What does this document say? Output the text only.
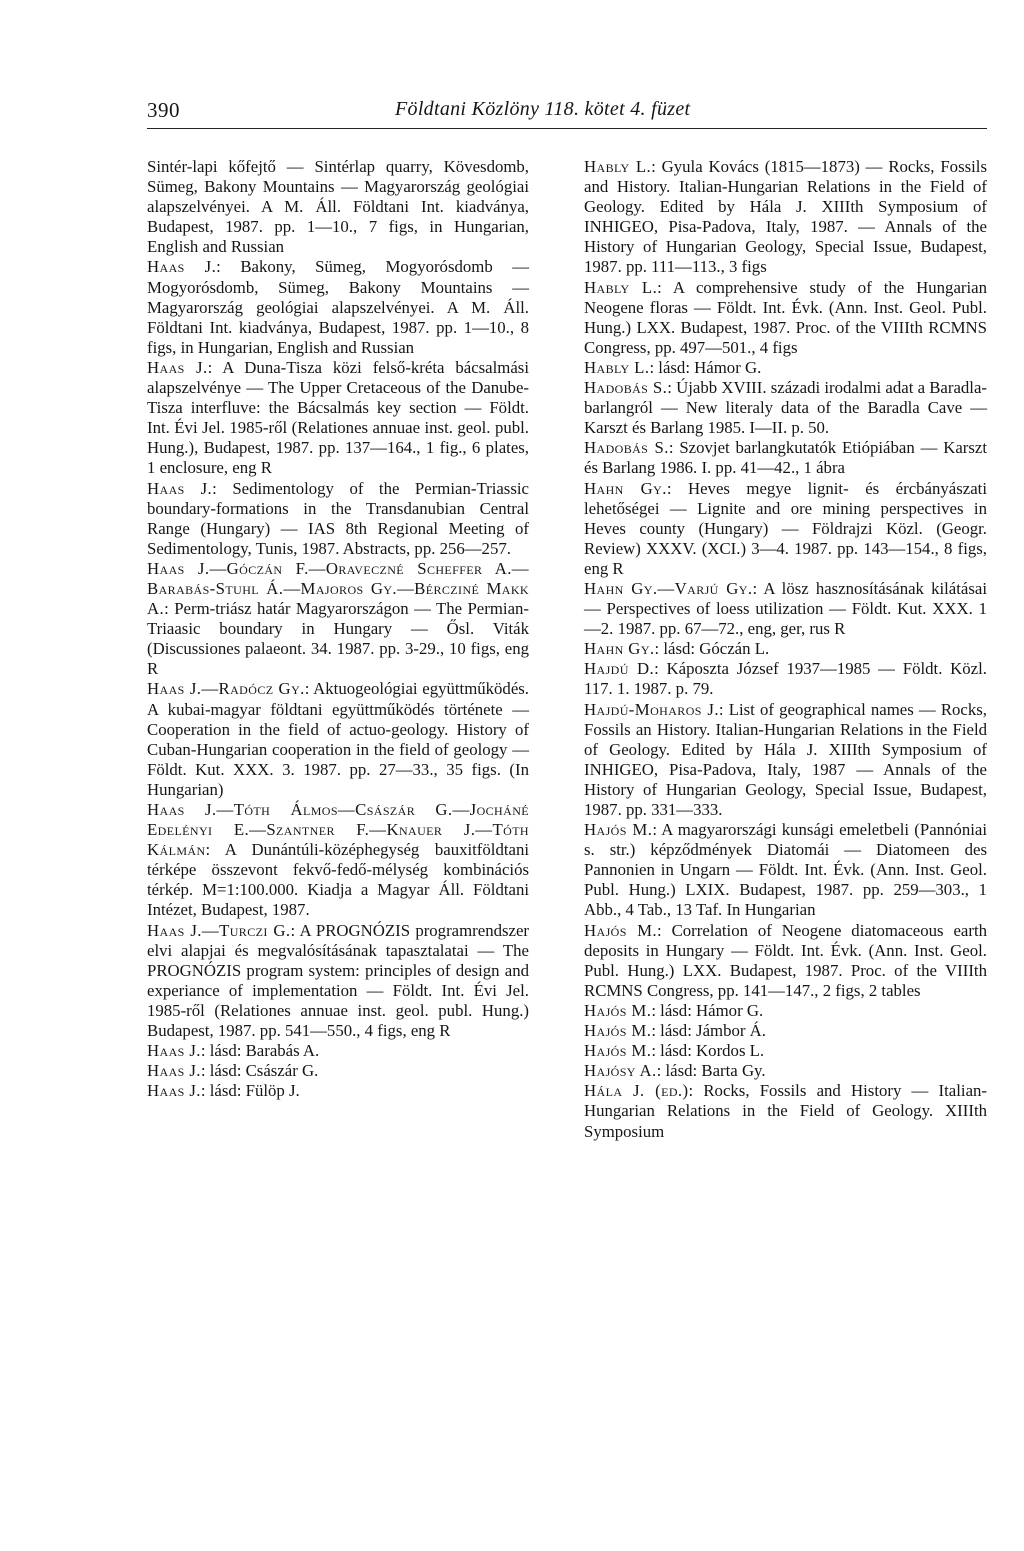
390	Földtani Közlöny 118. kötet 4. füzet

Sintér-lapi kőfejtő — Sintérlap quarry, Kövesdomb, Sümeg, Bakony Mountains — Magyarország geológiai alapszelvényei. A M. Áll. Földtani Int. kiadványa, Budapest, 1987. pp. 1—10., 7 figs, in Hungarian, English and Russian

Haas J.: Bakony, Sümeg, Mogyorósdomb — Mogyorósdomb, Sümeg, Bakony Mountains — Magyarország geológiai alapszelvényei. A M. Áll. Földtani Int. kiadványa, Budapest, 1987. pp. 1—10., 8 figs, in Hungarian, English and Russian

Haas J.: A Duna-Tisza közi felső-kréta bácsalmási alapszelvénye — The Upper Cretaceous of the Danube-Tisza interfluve: the Bácsalmás key section — Földt. Int. Évi Jel. 1985-ről (Relationes annuae inst. geol. publ. Hung.), Budapest, 1987. pp. 137—164., 1 fig., 6 plates, 1 enclosure, eng R

Haas J.: Sedimentology of the Permian-Triassic boundary-formations in the Transdanubian Central Range (Hungary) — IAS 8th Regional Meeting of Sedimentology, Tunis, 1987. Abstracts, pp. 256—257.

Haas J.—Góczán F.—Oraveczné Scheffer A.—Barabás-Stuhl Á.—Majoros Gy.—Bércziné Makk A.: Perm-triász határ Magyarországon — The Permian-Triaasic boundary in Hungary — Ősl. Viták (Discussiones palaeont. 34. 1987. pp. 3-29., 10 figs, eng R

Haas J.—Radócz Gy.: Aktuogeológiai együttműködés. A kubai-magyar földtani együttműködés története — Cooperation in the field of actuo-geology. History of Cuban-Hungarian cooperation in the field of geology — Földt. Kut. XXX. 3. 1987. pp. 27—33., 35 figs. (In Hungarian)

Haas J.—Tóth Álmos—Császár G.—Jocháné Edelényi E.—Szantner F.—Knauer J.—Tóth Kálmán: A Dunántúli-középhegység bauxitföldtani térképe összevont fekvő-fedő-mélység kombinációs térkép. M=1:100.000. Kiadja a Magyar Áll. Földtani Intézet, Budapest, 1987.

Haas J.—Turczi G.: A PROGNÓZIS programrendszer elvi alapjai és megvalósításának tapasztalatai — The PROGNÓZIS program system: principles of design and experiance of implementation — Földt. Int. Évi Jel. 1985-ről (Relationes annuae inst. geol. publ. Hung.) Budapest, 1987. pp. 541—550., 4 figs, eng R

Haas J.: lásd: Barabás A.

Haas J.: lásd: Császár G.

Haas J.: lásd: Fülöp J.

Hably L.: Gyula Kovács (1815—1873) — Rocks, Fossils and History. Italian-Hungarian Relations in the Field of Geology. Edited by Hála J. XIIIth Symposium of INHIGEO, Pisa-Padova, Italy, 1987. — Annals of the History of Hungarian Geology, Special Issue, Budapest, 1987. pp. 111—113., 3 figs

Hably L.: A comprehensive study of the Hungarian Neogene floras — Földt. Int. Évk. (Ann. Inst. Geol. Publ. Hung.) LXX. Budapest, 1987. Proc. of the VIIIth RCMNS Congress, pp. 497—501., 4 figs

Hably L.: lásd: Hámor G.

Hadobás S.: Újabb XVIII. századi irodalmi adat a Baradla-barlangról — New literaly data of the Baradla Cave — Karszt és Barlang 1985. I—II. p. 50.

Hadobás S.: Szovjet barlangkutatók Etiópiában — Karszt és Barlang 1986. I. pp. 41—42., 1 ábra

Hahn Gy.: Heves megye lignit- és ércbányászati lehetőségei — Lignite and ore mining perspectives in Heves county (Hungary) — Földrajzi Közl. (Geogr. Review) XXXV. (XCI.) 3—4. 1987. pp. 143—154., 8 figs, eng R

Hahn Gy.—Varjú Gy.: A lösz hasznosításának kilátásai — Perspectives of loess utilization — Földt. Kut. XXX. 1—2. 1987. pp. 67—72., eng, ger, rus R

Hahn Gy.: lásd: Góczán L.

Hajdú D.: Káposzta József 1937—1985 — Földt. Közl. 117. 1. 1987. p. 79.

Hajdú-Moharos J.: List of geographical names — Rocks, Fossils an History. Italian-Hungarian Relations in the Field of Geology. Edited by Hála J. XIIIth Symposium of INHIGEO, Pisa-Padova, Italy, 1987 — Annals of the History of Hungarian Geology, Special Issue, Budapest, 1987. pp. 331—333.

Hajós M.: A magyarországi kunsági emeletbeli (Pannóniai s. str.) képződmények Diatomái — Diatomeen des Pannonien in Ungarn — Földt. Int. Évk. (Ann. Inst. Geol. Publ. Hung.) LXIX. Budapest, 1987. pp. 259—303., 1 Abb., 4 Tab., 13 Taf. In Hungarian

Hajós M.: Correlation of Neogene diatomaceous earth deposits in Hungary — Földt. Int. Évk. (Ann. Inst. Geol. Publ. Hung.) LXX. Budapest, 1987. Proc. of the VIIIth RCMNS Congress, pp. 141—147., 2 figs, 2 tables

Hajós M.: lásd: Hámor G.

Hajós M.: lásd: Jámbor Á.

Hajós M.: lásd: Kordos L.

Hajósy A.: lásd: Barta Gy.

Hála J. (ed.): Rocks, Fossils and History — Italian-Hungarian Relations in the Field of Geology. XIIIth Symposium
